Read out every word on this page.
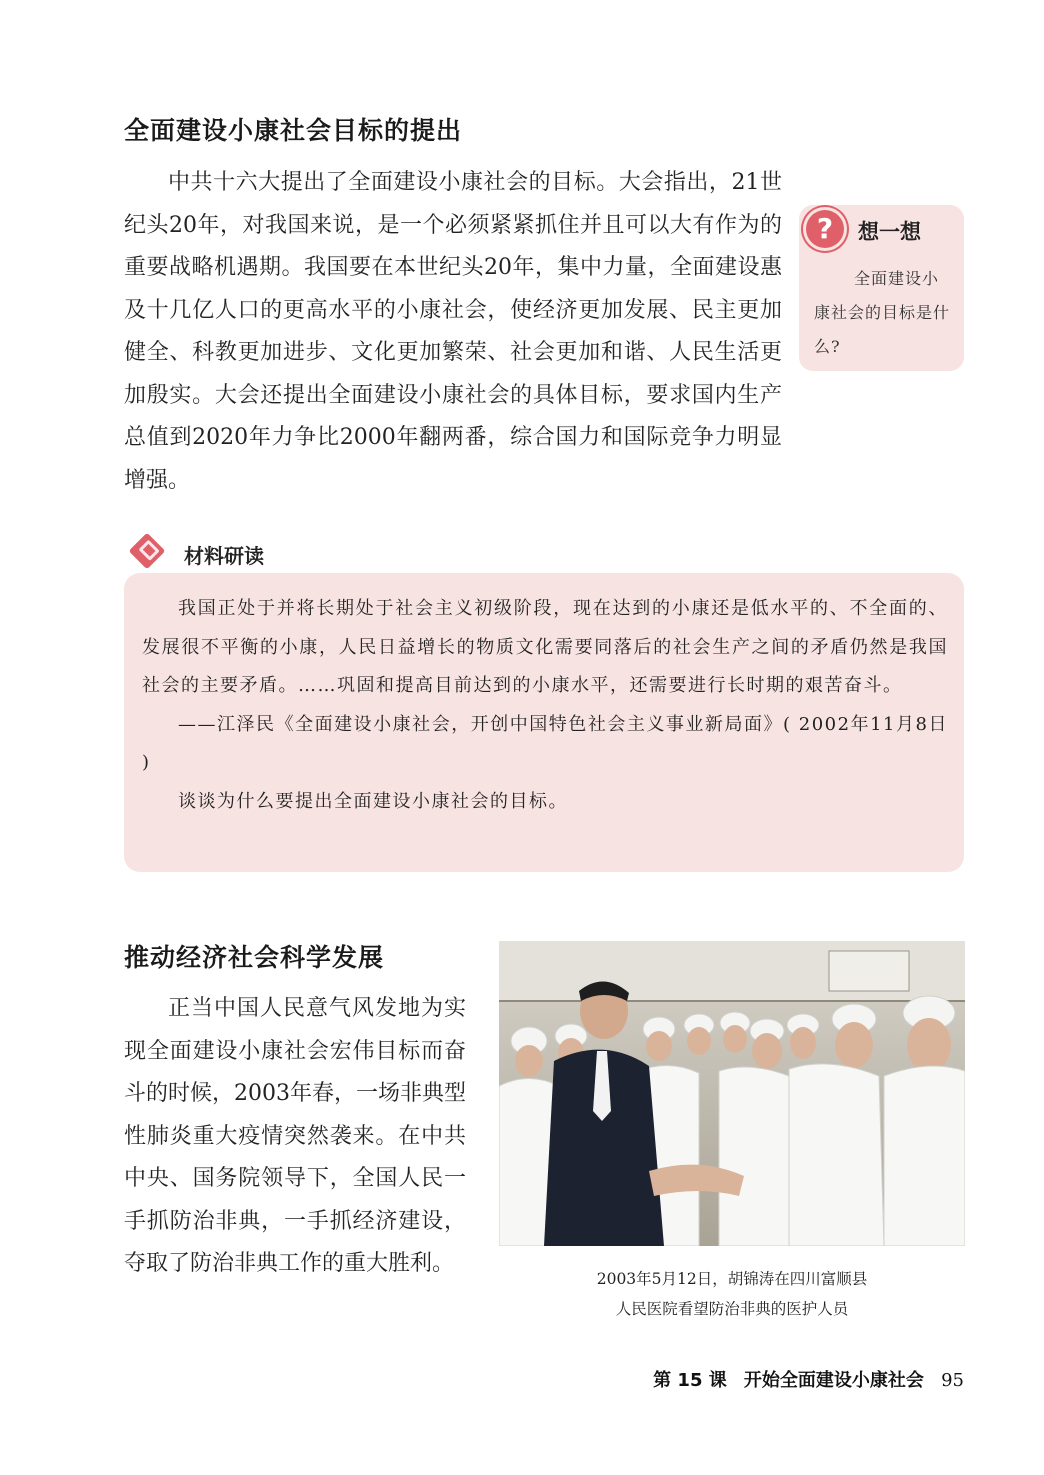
全面建设小康社会目标的提出

中共十六大提出了全面建设小康社会的目标。大会指出，21世纪头20年，对我国来说，是一个必须紧紧抓住并且可以大有作为的重要战略机遇期。我国要在本世纪头20年，集中力量，全面建设惠及十几亿人口的更高水平的小康社会，使经济更加发展、民主更加健全、科教更加进步、文化更加繁荣、社会更加和谐、人民生活更加殷实。大会还提出全面建设小康社会的具体目标，要求国内生产总值到2020年力争比2000年翻两番，综合国力和国际竞争力明显增强。

?	想一想
全面建设小康社会的目标是什么?
材料研读

我国正处于并将长期处于社会主义初级阶段，现在达到的小康还是低水平的、不全面的、发展很不平衡的小康，人民日益增长的物质文化需要同落后的社会生产之间的矛盾仍然是我国社会的主要矛盾。……巩固和提高目前达到的小康水平，还需要进行长时期的艰苦奋斗。

——江泽民《全面建设小康社会，开创中国特色社会主义事业新局面》( 2002年11月8日 )

谈谈为什么要提出全面建设小康社会的目标。

推动经济社会科学发展

正当中国人民意气风发地为实现全面建设小康社会宏伟目标而奋斗的时候，2003年春，一场非典型性肺炎重大疫情突然袭来。在中共中央、国务院领导下，全国人民一手抓防治非典，一手抓经济建设，夺取了防治非典工作的重大胜利。

2003年5月12日，胡锦涛在四川富顺县
人民医院看望防治非典的医护人员
第 15 课 开始全面建设小康社会 95
